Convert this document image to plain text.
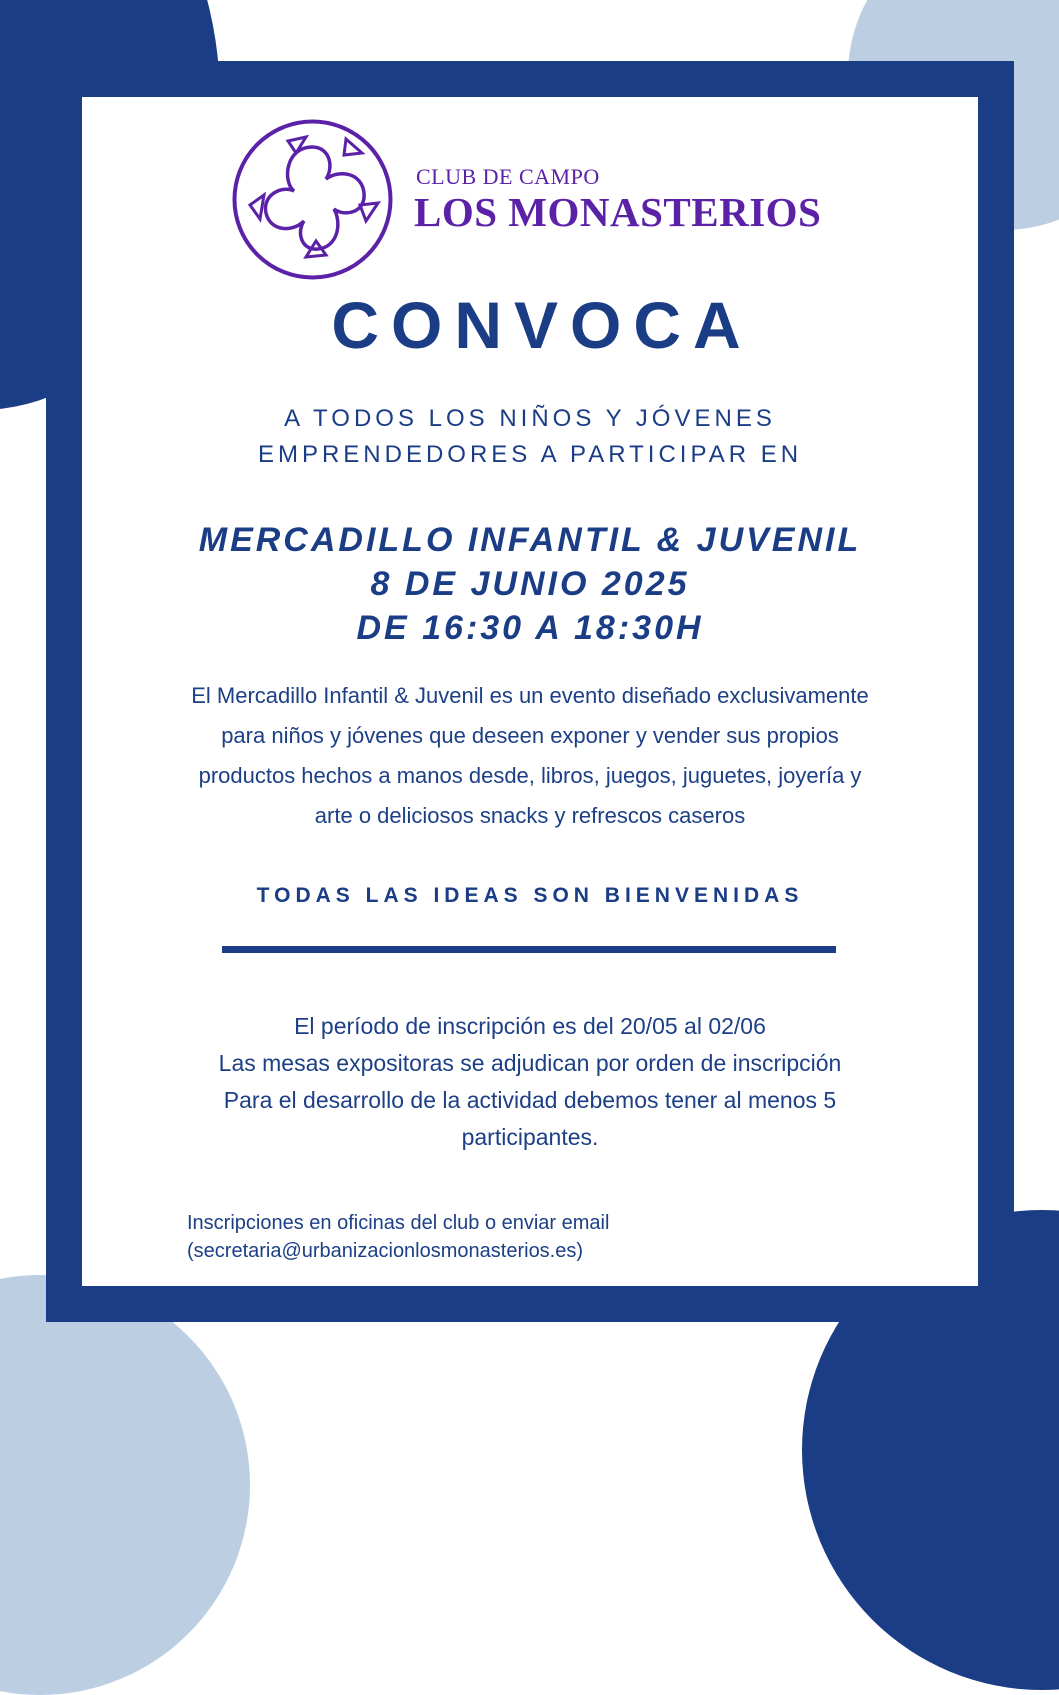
CLUB DE CAMPO
LOS MONASTERIOS
CONVOCA
A TODOS LOS NIÑOS Y JÓVENES
EMPRENDEDORES A PARTICIPAR EN
MERCADILLO INFANTIL & JUVENIL
8 DE JUNIO 2025
DE 16:30 A 18:30H
El Mercadillo Infantil & Juvenil es un evento diseñado exclusivamente
para niños y jóvenes que deseen exponer y vender sus propios
productos hechos a manos desde, libros, juegos, juguetes, joyería y
arte o deliciosos snacks y refrescos caseros
TODAS LAS IDEAS SON BIENVENIDAS
El período de inscripción es del 20/05 al 02/06
Las mesas expositoras se adjudican por orden de inscripción
Para el desarrollo de la actividad debemos tener al menos 5
participantes.
Inscripciones en oficinas del club o enviar email
(secretaria@urbanizacionlosmonasterios.es)
